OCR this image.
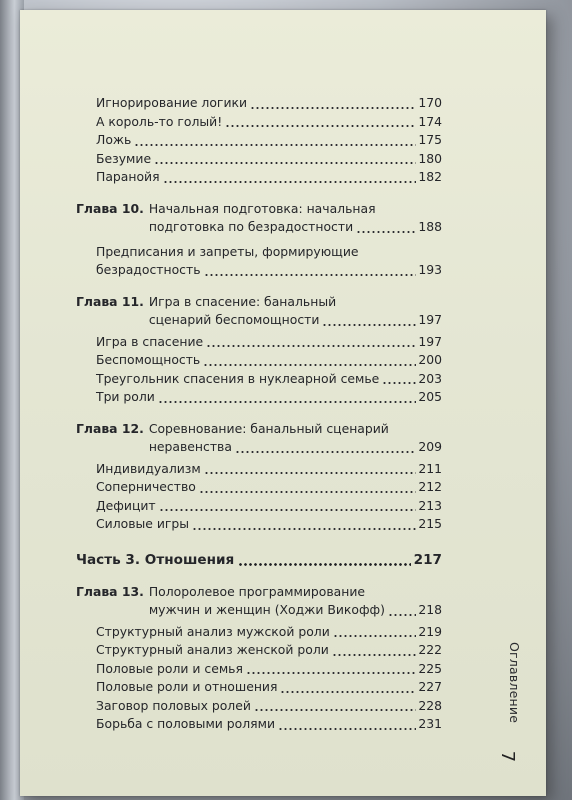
Игнорирование логики	170
А король-то голый!	174
Ложь	175
Безумие	180
Паранойя	182
Глава 10. Начальная подготовка: начальная
подготовка по безрадостности	188
Предписания и запреты, формирующие
безрадостность	193
Глава 11. Игра в спасение: банальный
сценарий беспомощности	197
Игра в спасение	197
Беспомощность	200
Треугольник спасения в нуклеарной семье	203
Три роли	205
Глава 12. Соревнование: банальный сценарий
неравенства	209
Индивидуализм	211
Соперничество	212
Дефицит	213
Силовые игры	215
Часть 3. Отношения	217
Глава 13. Полоролевое программирование
мужчин и женщин (Ходжи Викофф)	218
Структурный анализ мужской роли	219
Структурный анализ женской роли	222
Половые роли и семья	225
Половые роли и отношения	227
Заговор половых ролей	228
Борьба с половыми ролями	231
Оглавление
7
